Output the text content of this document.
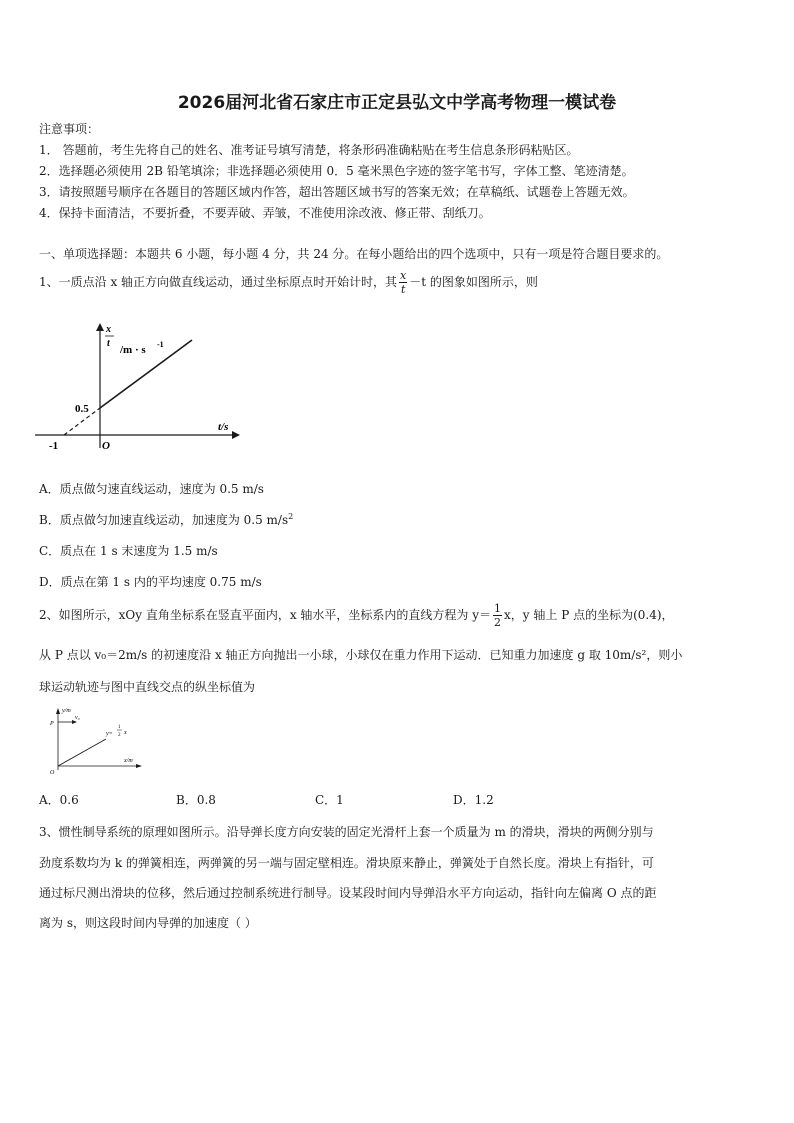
2026届河北省石家庄市正定县弘文中学高考物理一模试卷
注意事项：
1． 答题前，考生先将自己的姓名、准考证号填写清楚，将条形码准确粘贴在考生信息条形码粘贴区。
2．选择题必须使用 2B 铅笔填涂；非选择题必须使用 0．5 毫米黑色字迹的签字笔书写，字体工整、笔迹清楚。
3．请按照题号顺序在各题目的答题区域内作答，超出答题区域书写的答案无效；在草稿纸、试题卷上答题无效。
4．保持卡面清洁，不要折叠，不要弄破、弄皱，不准使用涂改液、修正带、刮纸刀。
一、单项选择题：本题共 6 小题，每小题 4 分，共 24 分。在每小题给出的四个选项中，只有一项是符合题目要求的。
1、一质点沿 x 轴正方向做直线运动，通过坐标原点时开始计时，其 $\frac{x}{t} -t$ 的图象如图所示，则
x
t
/m · s -1
0.5
-1	O
t/s
A．质点做匀速直线运动，速度为 0.5 m/s
B．质点做匀加速直线运动，加速度为 0.5 $m/s^2$
C．质点在 1 s 末速度为 1.5 m/s
D．质点在第 1 s 内的平均速度 0.75 m/s
2、如图所示，xOy 直角坐标系在竖直平面内，x 轴水平，坐标系内的直线方程为 $y= \frac{1}{2}$ x，y 轴上 P 点的坐标为(0.4)，
从 P 点以 v₀＝2m/s 的初速度沿 x 轴正方向抛出一小球，小球仅在重力作用下运动．已知重力加速度 g 取 10m/s²，则小
球运动轨迹与图中直线交点的纵坐标值为
y/m
v₀
P
O
x/m
y=
1
2 x
A．0.6	B．0.8	C．1	D．1.2
3、惯性制导系统的原理如图所示。沿导弹长度方向安装的固定光滑杆上套一个质量为 m 的滑块，滑块的两侧分别与
劲度系数均为 k 的弹簧相连，两弹簧的另一端与固定壁相连。滑块原来静止，弹簧处于自然长度。滑块上有指针，可
通过标尺测出滑块的位移，然后通过控制系统进行制导。设某段时间内导弹沿水平方向运动，指针向左偏离 O 点的距
离为 s，则这段时间内导弹的加速度（ ）
